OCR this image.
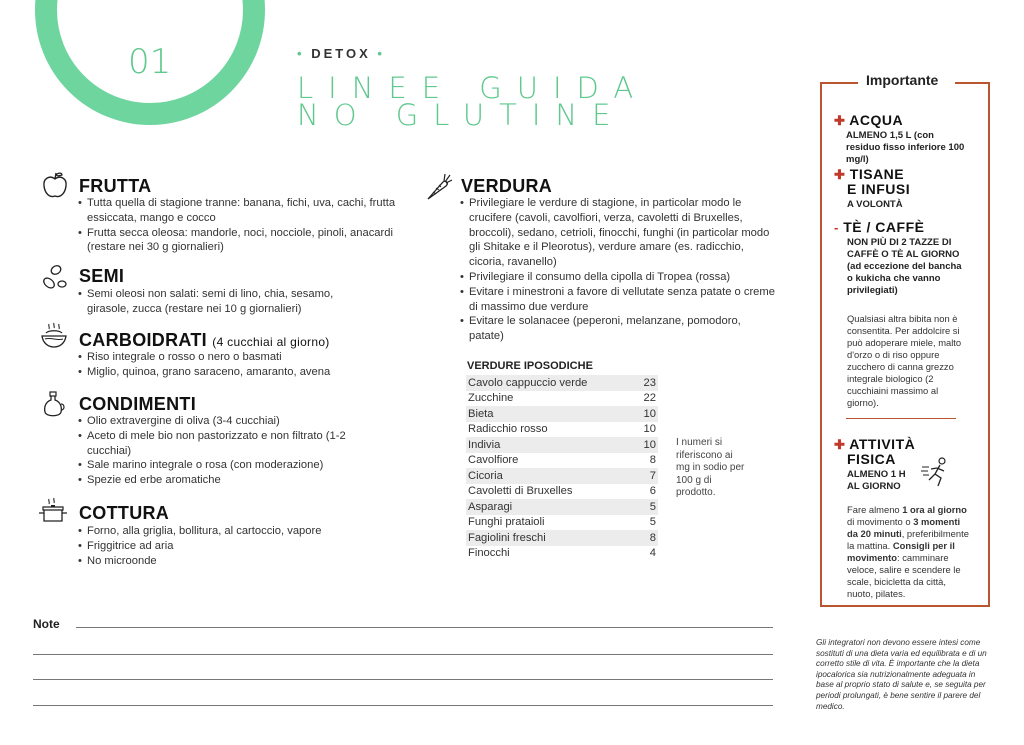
01	• DETOX •
LINEE GUIDA
NO GLUTINE
FRUTTA
• Tutta quella di stagione tranne: banana, fichi, uva, cachi, frutta essiccata, mango e cocco
• Frutta secca oleosa: mandorle, noci, nocciole, pinoli, anacardi (restare nei 30 g giornalieri)
SEMI
• Semi oleosi non salati: semi di lino, chia, sesamo, girasole, zucca (restare nei 10 g giornalieri)
CARBOIDRATI (4 cucchiai al giorno)
• Riso integrale o rosso o nero o basmati
• Miglio, quinoa, grano saraceno, amaranto, avena
CONDIMENTI
• Olio extravergine di oliva (3-4 cucchiai)
• Aceto di mele bio non pastorizzato e non filtrato (1-2 cucchiai)
• Sale marino integrale o rosa (con moderazione)
• Spezie ed erbe aromatiche
COTTURA
• Forno, alla griglia, bollitura, al cartoccio, vapore
• Friggitrice ad aria
• No microonde
VERDURA
• Privilegiare le verdure di stagione, in particolar modo le crucifere (cavoli, cavolfiori, verza, cavoletti di Bruxelles, broccoli), sedano, cetrioli, finocchi, funghi (in particolar modo gli Shitake e il Pleorotus), verdure amare (es. radicchio, cicoria, ravanello)
• Privilegiare il consumo della cipolla di Tropea (rossa)
• Evitare i minestroni a favore di vellutate senza patate o creme di massimo due verdure
• Evitare le solanacee (peperoni, melanzane, pomodoro, patate)
VERDURE IPOSODICHE
Cavolo cappuccio verde	23
Zucchine	22
Bieta	10
Radicchio rosso	10
Indivia	10
Cavolfiore	8
Cicoria	7
Cavoletti di Bruxelles	6
Asparagi	5
Funghi prataioli	5
Fagiolini freschi	8
Finocchi	4
I numeri si riferiscono ai mg in sodio per 100 g di prodotto.
Importante
✚ ACQUA
ALMENO 1,5 L (con residuo fisso inferiore 100 mg/l)
✚ TISANE
E INFUSI
A VOLONTÀ
- TÈ / CAFFÈ
NON PIÙ DI 2 TAZZE DI CAFFÈ O TÈ AL GIORNO (ad eccezione del bancha o kukicha che vanno privilegiati)
Qualsiasi altra bibita non è consentita. Per addolcire si può adoperare miele, malto d'orzo o di riso oppure zucchero di canna grezzo integrale biologico (2 cucchiaini massimo al giorno).
✚ ATTIVITÀ
FISICA
ALMENO 1 H
AL GIORNO
Fare almeno 1 ora al giorno di movimento o 3 momenti da 20 minuti, preferibilmente la mattina. Consigli per il movimento: camminare veloce, salire e scendere le scale, bicicletta da città, nuoto, pilates.
Gli integratori non devono essere intesi come sostituti di una dieta varia ed equilibrata e di un corretto stile di vita. È importante che la dieta ipocalorica sia nutrizionalmente adeguata in base al proprio stato di salute e, se seguita per periodi prolungati, è bene sentire il parere del medico.
Note
